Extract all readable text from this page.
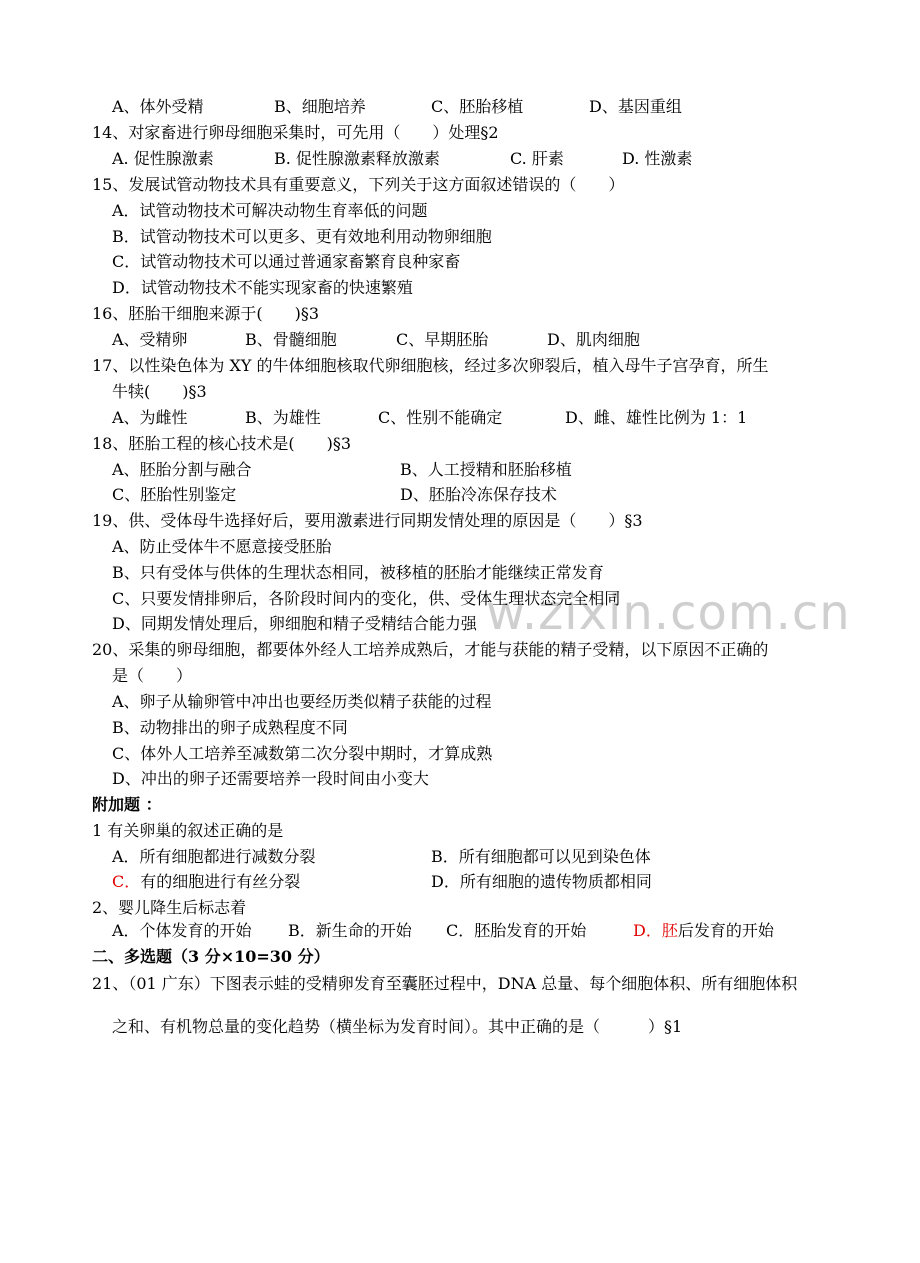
w.zixin.com.cn
A、体外受精	B、细胞培养	C、胚胎移植	D、基因重组
14、对家畜进行卵母细胞采集时，可先用（　　）处理§2
A. 促性腺激素	B. 促性腺激素释放激素	C. 肝素	D. 性激素
15、发展试管动物技术具有重要意义，下列关于这方面叙述错误的（　　）
A．试管动物技术可解决动物生育率低的问题
B．试管动物技术可以更多、更有效地利用动物卵细胞
C．试管动物技术可以通过普通家畜繁育良种家畜
D．试管动物技术不能实现家畜的快速繁殖
16、胚胎干细胞来源于(　　)§3
A、受精卵	B、骨髓细胞	C、早期胚胎	D、肌肉细胞
17、以性染色体为 XY 的牛体细胞核取代卵细胞核，经过多次卵裂后，植入母牛子宫孕育，所生
牛犊(　　)§3
A、为雌性	B、为雄性	C、性别不能确定	D、雌、雄性比例为 1：1
18、胚胎工程的核心技术是(　　)§3
A、胚胎分割与融合	B、人工授精和胚胎移植
C、胚胎性别鉴定	D、胚胎冷冻保存技术
19、供、受体母牛选择好后，要用激素进行同期发情处理的原因是（　　）§3
A、防止受体牛不愿意接受胚胎
B、只有受体与供体的生理状态相同，被移植的胚胎才能继续正常发育
C、只要发情排卵后，各阶段时间内的变化，供、受体生理状态完全相同
D、同期发情处理后，卵细胞和精子受精结合能力强
20、采集的卵母细胞，都要体外经人工培养成熟后，才能与获能的精子受精，以下原因不正确的
是（　　）
A、卵子从输卵管中冲出也要经历类似精子获能的过程
B、动物排出的卵子成熟程度不同
C、体外人工培养至减数第二次分裂中期时，才算成熟
D、冲出的卵子还需要培养一段时间由小变大
附加题 ：
1 有关卵巢的叙述正确的是
A．所有细胞都进行减数分裂	B．所有细胞都可以见到染色体
C．有的细胞进行有丝分裂	D．所有细胞的遗传物质都相同
2、婴儿降生后标志着
A．个体发育的开始 B．新生命的开始 C．胚胎发育的开始	D．胚后发育的开始
二、多选题（3 分×10=30 分）
21、（01 广东）下图表示蛙的受精卵发育至囊胚过程中，DNA 总量、每个细胞体积、所有细胞体积
之和、有机物总量的变化趋势（横坐标为发育时间）。其中正确的是（　　　）§1
